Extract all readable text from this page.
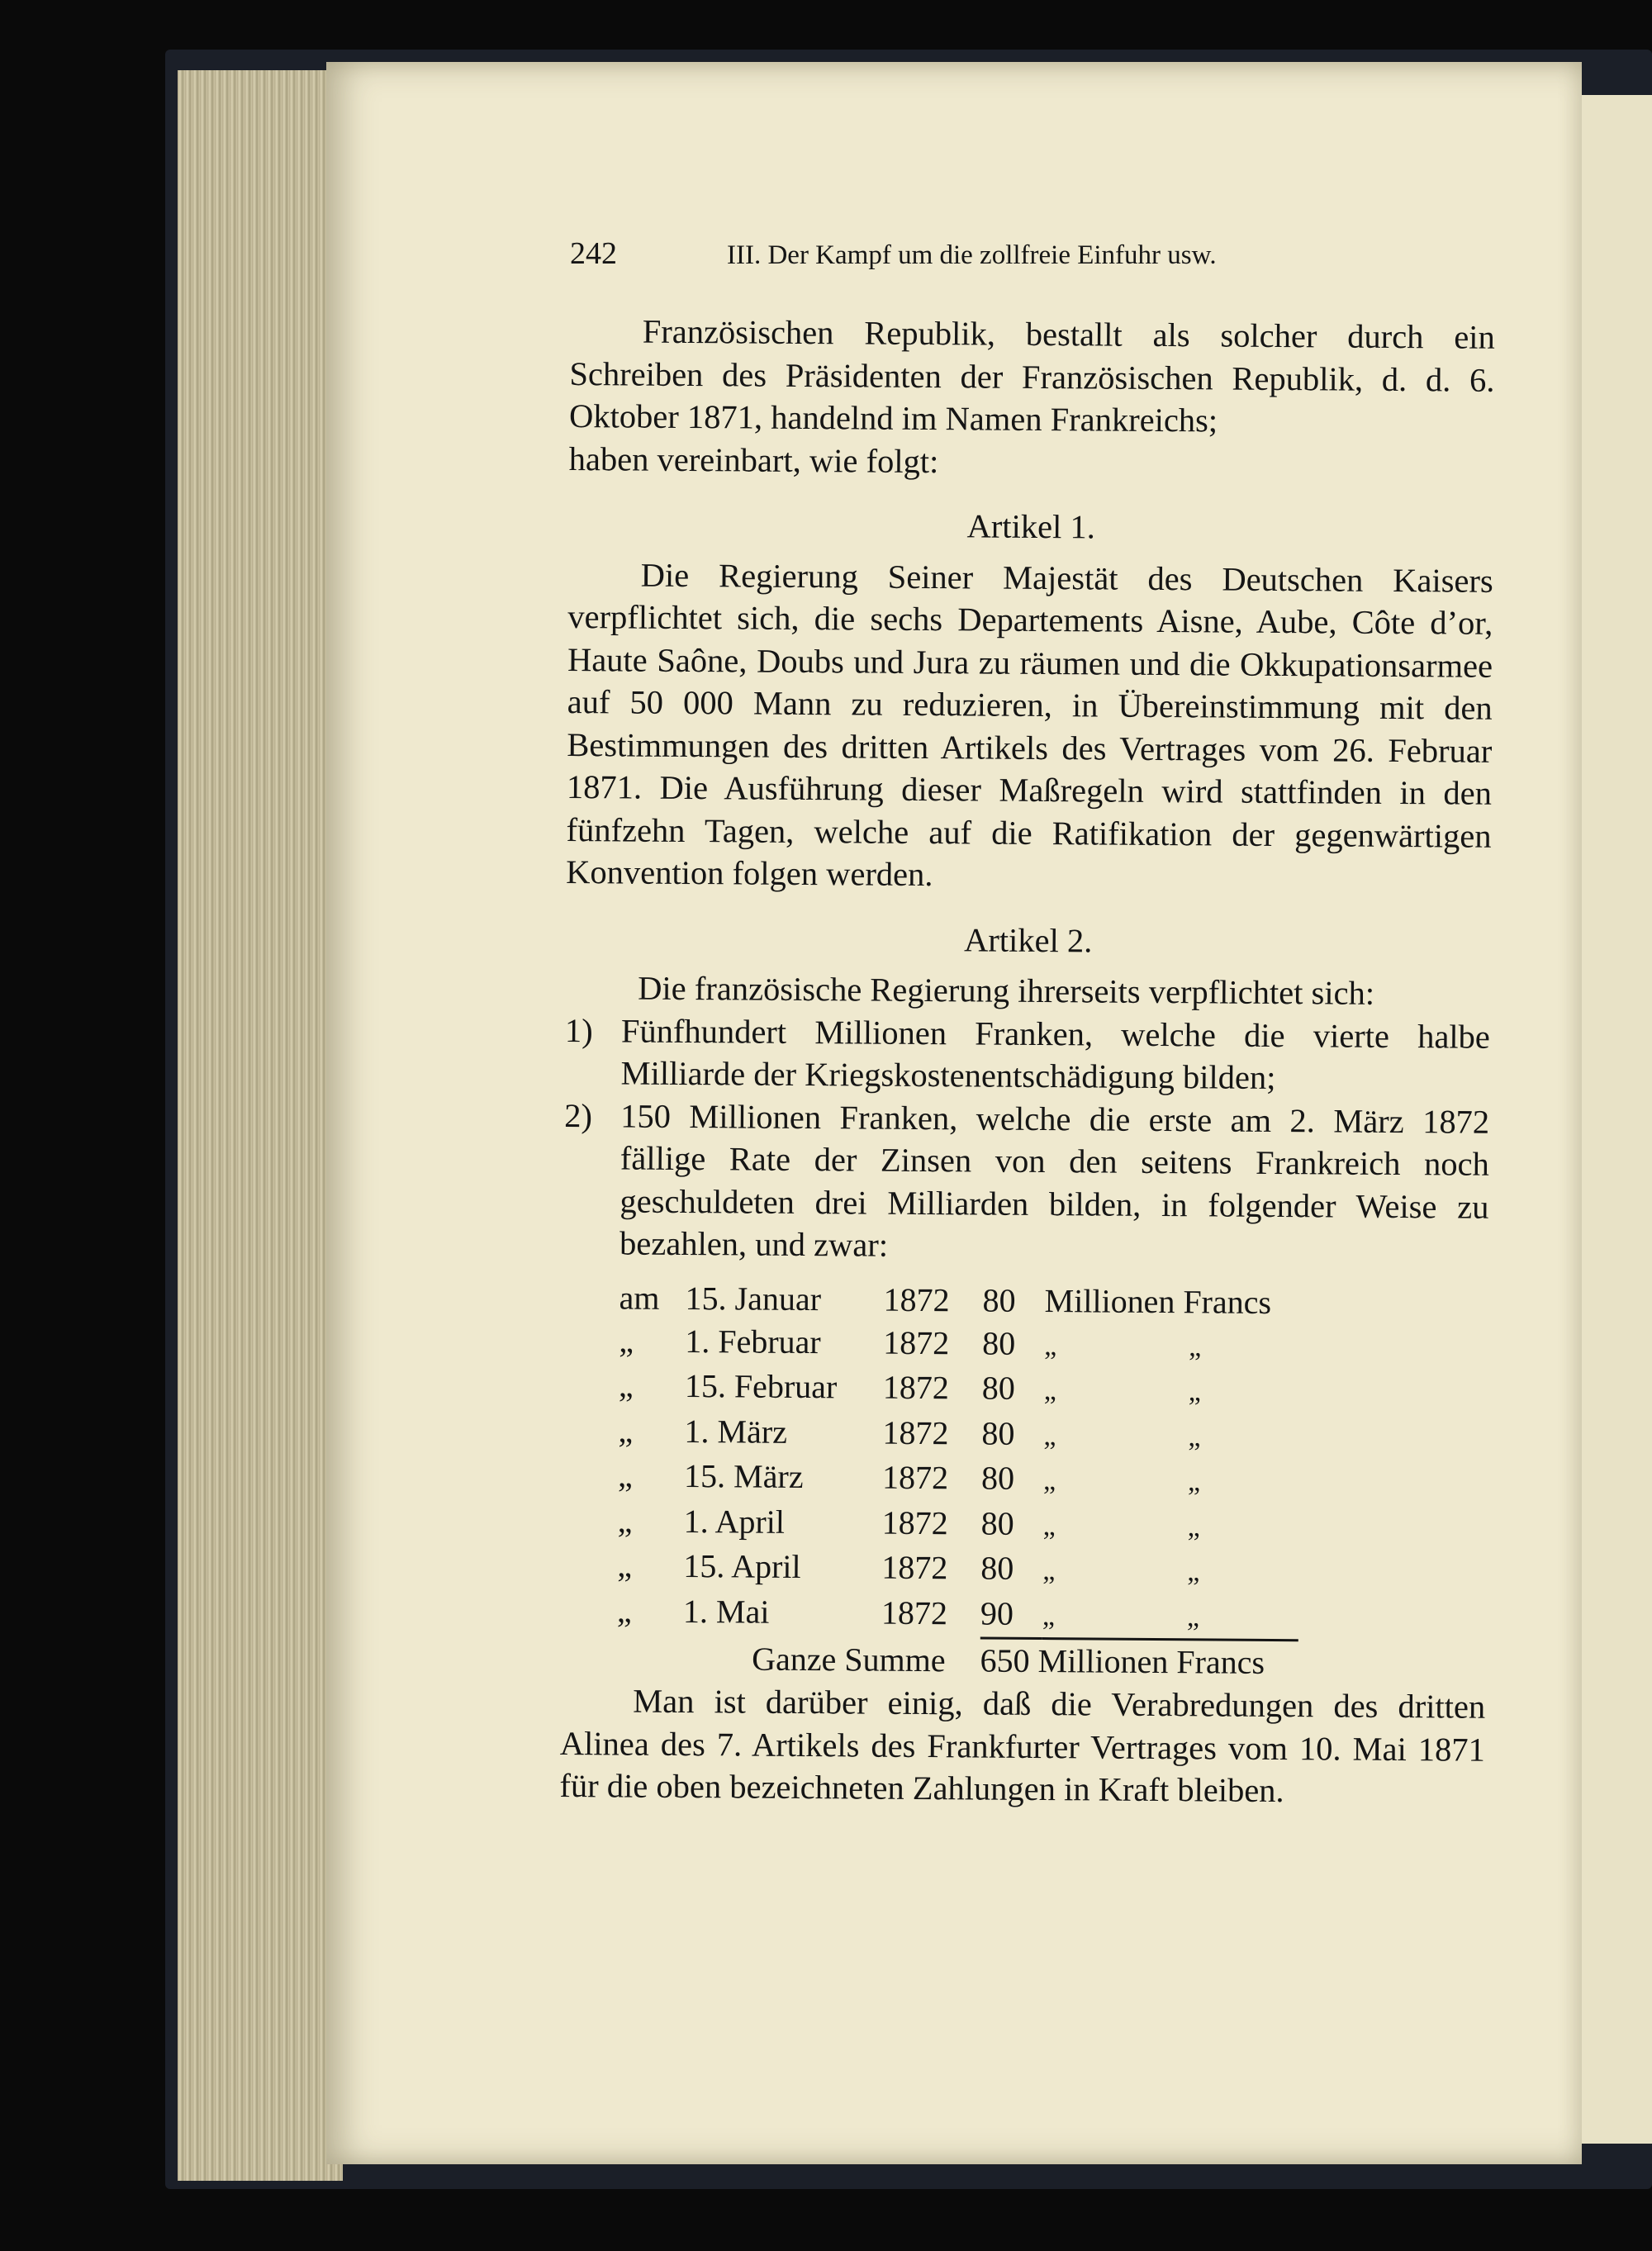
242	III. Der Kampf um die zollfreie Einfuhr usw.

Französischen Republik, bestallt als solcher durch ein Schreiben des Präsidenten der Französischen Republik, d. d. 6. Oktober 1871, handelnd im Namen Frankreichs;

haben vereinbart, wie folgt:

Artikel 1.

Die Regierung Seiner Majestät des Deutschen Kaisers verpflichtet sich, die sechs Departements Aisne, Aube, Côte d’or, Haute Saône, Doubs und Jura zu räumen und die Okkupationsarmee auf 50 000 Mann zu reduzieren, in Übereinstimmung mit den Bestimmungen des dritten Artikels des Vertrages vom 26. Februar 1871. Die Ausführung dieser Maßregeln wird stattfinden in den fünfzehn Tagen, welche auf die Ratifikation der gegenwärtigen Konvention folgen werden.

Artikel 2.

Die französische Regierung ihrerseits verpflichtet sich:

1) Fünfhundert Millionen Franken, welche die vierte halbe Milliarde der Kriegskostenentschädigung bilden;
2) 150 Millionen Franken, welche die erste am 2. März 1872 fällige Rate der Zinsen von den seitens Frankreich noch geschuldeten drei Milliarden bilden, in folgender Weise zu bezahlen, und zwar:
am	15. Januar	1872	80	Millionen Francs
„	1. Februar	1872	80	„ „
„	15. Februar	1872	80	„ „
„	1. März	1872	80	„ „
„	15. März	1872	80	„ „
„	1. April	1872	80	„ „
„	15. April	1872	80	„ „
„	1. Mai	1872	90	„ „
Ganze Summe			650 Millionen Francs	

Man ist darüber einig, daß die Verabredungen des dritten Alinea des 7. Artikels des Frankfurter Vertrages vom 10. Mai 1871 für die oben bezeichneten Zahlungen in Kraft bleiben.
